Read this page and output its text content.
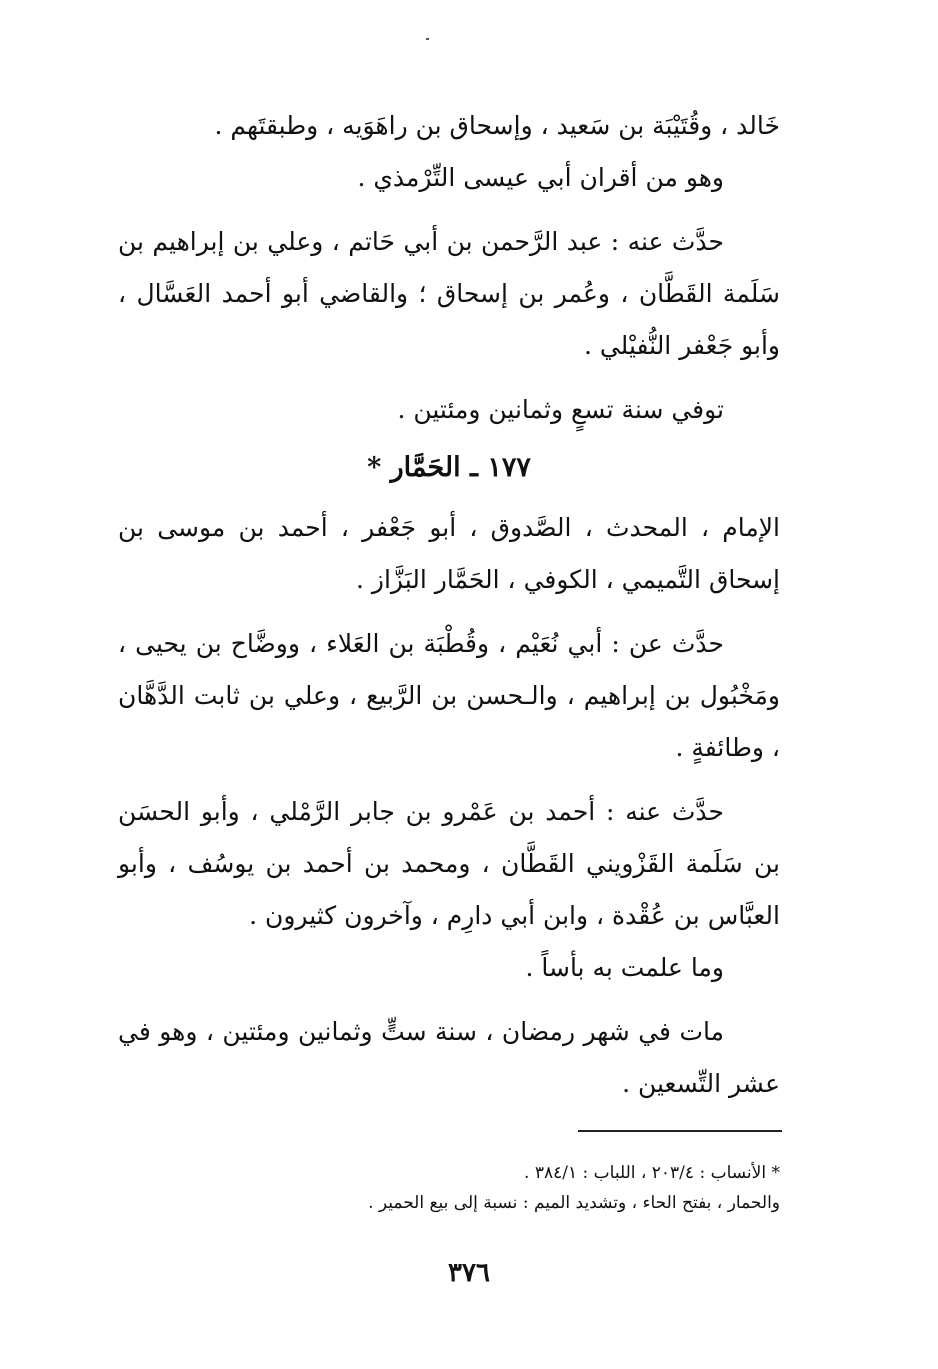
خَالد ، وقُتَيْبَة بن سَعيد ، وإسحاق بن راهَوَيه ، وطبقتَهم .

وهو من أقران أبي عيسى التِّرْمذي .

حدَّث عنه : عبد الرَّحمن بن أبي حَاتم ، وعلي بن إبراهيم بن سَلَمة القَطَّان ، وعُمر بن إسحاق ؛ والقاضي أبو أحمد العَسَّال ، وأبو جَعْفر النُّفيْلي .

توفي سنة تسعٍ وثمانين ومئتين .

١٧٧ ـ الحَمَّار *

الإمام ، المحدث ، الصَّدوق ، أبو جَعْفر ، أحمد بن موسى بن إسحاق التَّميمي ، الكوفي ، الحَمَّار البَزَّاز .

حدَّث عن : أبي نُعَيْم ، وقُطْبَة بن العَلاء ، ووضَّاح بن يحيى ، ومَخْبُول بن إبراهيم ، والـحسن بن الرَّبيع ، وعلي بن ثابت الدَّهَّان ، وطائفةٍ .

حدَّث عنه : أحمد بن عَمْرو بن جابر الرَّمْلي ، وأبو الحسَن بن سَلَمة القَزْويني القَطَّان ، ومحمد بن أحمد بن يوسُف ، وأبو العبَّاس بن عُقْدة ، وابن أبي دارِم ، وآخرون كثيرون .

وما علمت به بأساً .

مات في شهر رمضان ، سنة ستٍّ وثمانين ومئتين ، وهو في عشر التِّسعين .

* الأنساب : ٢٠٣/٤ ، اللباب : ٣٨٤/١ .

والحمار ، بفتح الحاء ، وتشديد الميم : نسبة إلى بيع الحمير .

٣٧٦
